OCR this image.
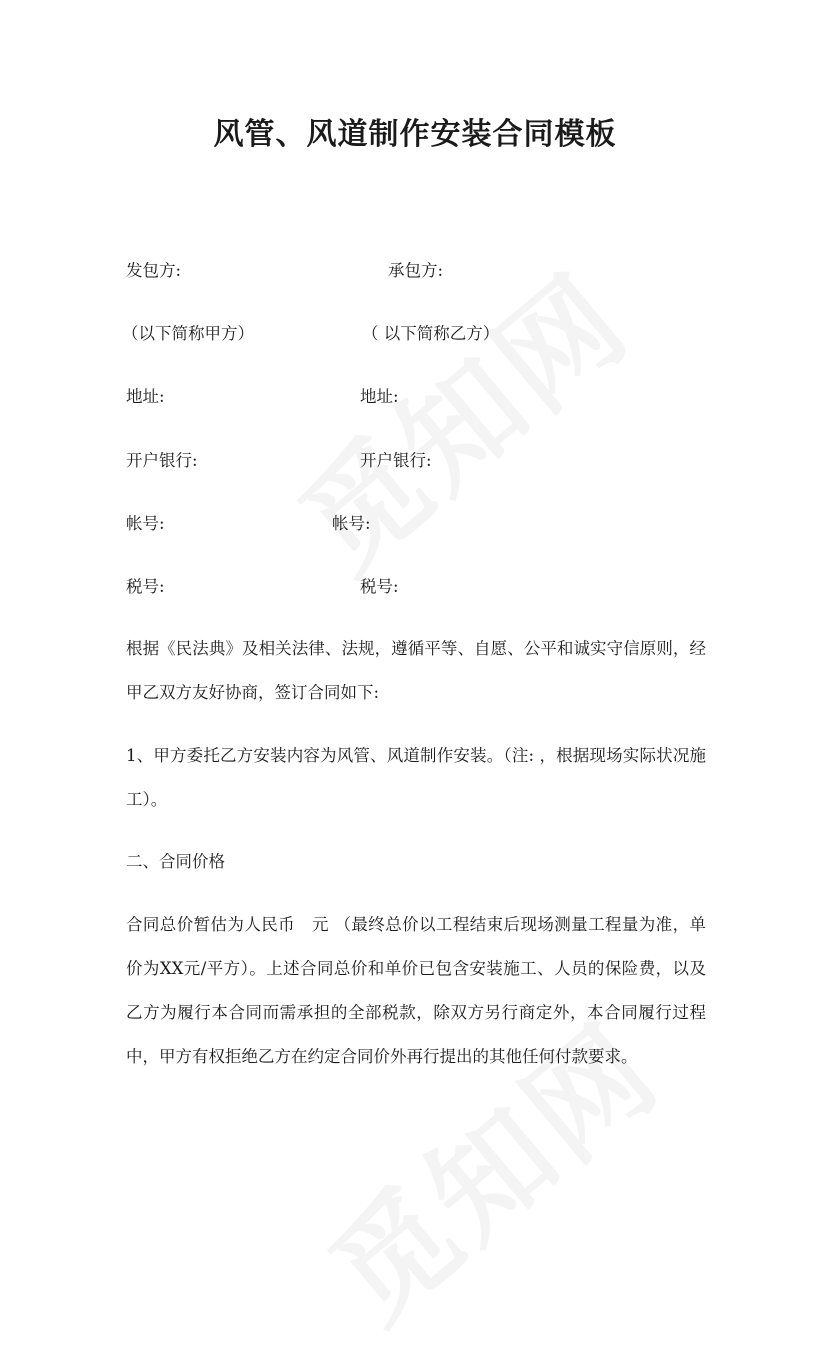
风管、风道制作安装合同模板
发包方:	承包方:
（以下简称甲方）	（ 以下简称乙方）
地址:	地址:
开户银行:	开户银行:
帐号:	帐号:
税号:	税号:
根据《民法典》及相关法律、法规，遵循平等、自愿、公平和诚实守信原则，经甲乙双方友好协商，签订合同如下:
1、甲方委托乙方安装内容为风管、风道制作安装。（注: ，根据现场实际状况施工）。
二、合同价格
合同总价暂估为人民币　元 （最终总价以工程结束后现场测量工程量为准，单价为XX元/平方）。上述合同总价和单价已包含安装施工、人员的保险费，以及乙方为履行本合同而需承担的全部税款，除双方另行商定外，本合同履行过程中，甲方有权拒绝乙方在约定合同价外再行提出的其他任何付款要求。
